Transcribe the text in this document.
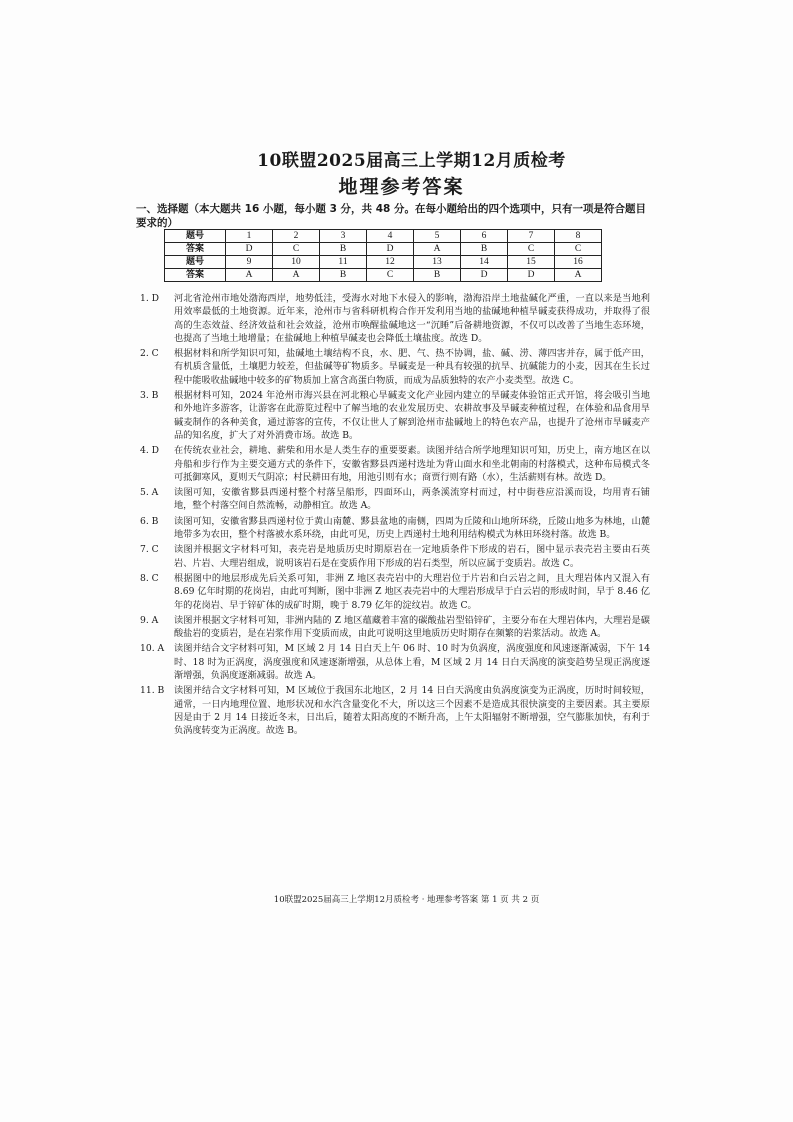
10联盟2025届高三上学期12月质检考
地理参考答案
一、选择题（本大题共 16 小题，每小题 3 分，共 48 分。在每小题给出的四个选项中，只有一项是符合题目要求的）
题号	1	2	3	4	5	6	7	8
答案	D	C	B	D	A	B	C	C
题号	9	10	11	12	13	14	15	16
答案	A	A	B	C	B	D	D	A
1. D	河北省沧州市地处渤海西岸，地势低洼，受海水对地下水侵入的影响，渤海沿岸土地盐碱化严重，一直以来是当地利用效率最低的土地资源。近年来，沧州市与省科研机构合作开发利用当地的盐碱地种植旱碱麦获得成功，并取得了很高的生态效益、经济效益和社会效益，沧州市唤醒盐碱地这一“沉睡”后备耕地资源，不仅可以改善了当地生态环境，也提高了当地土地增量；在盐碱地上种植旱碱麦也会降低土壤盐度。故选 D。
2. C	根据材料和所学知识可知，盐碱地土壤结构不良，水、肥、气、热不协调，盐、碱、涝、薄四害并存，属于低产田，有机质含量低，土壤肥力较差，但盐碱等矿物质多。旱碱麦是一种具有较强的抗旱、抗碱能力的小麦，因其在生长过程中能吸收盐碱地中较多的矿物质加上富含高蛋白物质，而成为品质独特的农产小麦类型。故选 C。
3. B	根据材料可知，2024 年沧州市海兴县在河北粮心旱碱麦文化产业园内建立的旱碱麦体验馆正式开馆，将会吸引当地和外地许多游客，让游客在此游览过程中了解当地的农业发展历史、农耕故事及旱碱麦种植过程，在体验和品食用旱碱麦制作的各种美食，通过游客的宣传，不仅让世人了解到沧州市盐碱地上的特色农产品，也提升了沧州市旱碱麦产品的知名度，扩大了对外消费市场。故选 B。
4. D	在传统农业社会，耕地、薪柴和用水是人类生存的重要要素。读图并结合所学地理知识可知，历史上，南方地区在以舟船和步行作为主要交通方式的条件下，安徽省黟县西递村选址为背山面水和坐北朝南的村落模式，这种布局模式冬可抵御寒风，夏则天气阴凉；村民耕田有地，用池引则有水；商贾行则有路（水），生活薪则有林。故选 D。
5. A	读图可知，安徽省黟县西递村整个村落呈船形，四面环山，两条溪流穿村而过，村中街巷应沿溪而设，均用青石铺地，整个村落空间自然流畅，动静相宜。故选 A。
6. B	读图可知，安徽省黟县西递村位于黄山南麓、黟县盆地的南侧，四周为丘陵和山地所环绕，丘陵山地多为林地，山麓地带多为农田，整个村落被水系环绕，由此可见，历史上西递村土地利用结构模式为林田环绕村落。故选 B。
7. C	读图并根据文字材料可知，表壳岩是地质历史时期原岩在一定地质条件下形成的岩石，图中显示表壳岩主要由石英岩、片岩、大理岩组成，说明该岩石是在变质作用下形成的岩石类型，所以应属于变质岩。故选 C。
8. C	根据图中的地层形成先后关系可知，非洲 Z 地区表壳岩中的大理岩位于片岩和白云岩之间，且大理岩体内又混入有 8.69 亿年时期的花岗岩，由此可判断，图中非洲 Z 地区表壳岩中的大理岩形成早于白云岩的形成时间，早于 8.46 亿年的花岗岩、早于锌矿体的成矿时期，晚于 8.79 亿年的淀纹岩。故选 C。
9. A	读图并根据文字材料可知，非洲内陆的 Z 地区蕴藏着丰富的碳酸盐岩型铅锌矿，主要分布在大理岩体内，大理岩是碳酸盐岩的变质岩，是在岩浆作用下变质而成，由此可说明这里地质历史时期存在频繁的岩浆活动。故选 A。
10. A	读图并结合文字材料可知，M 区域 2 月 14 日白天上午 06 时、10 时为负涡度，涡度强度和风速逐渐减弱，下午 14 时、18 时为正涡度，涡度强度和风速逐渐增强，从总体上看，M 区域 2 月 14 日白天涡度的演变趋势呈现正涡度逐渐增强，负涡度逐渐减弱。故选 A。
11. B	读图并结合文字材料可知，M 区域位于我国东北地区，2 月 14 日白天涡度由负涡度演变为正涡度，历时时间较短，通常，一日内地理位置、地形状况和水汽含量变化不大，所以这三个因素不是造成其很快演变的主要因素。其主要原因是由于 2 月 14 日接近冬末，日出后，随着太阳高度的不断升高，上午太阳辐射不断增强，空气膨胀加快，有利于负涡度转变为正涡度。故选 B。
10联盟2025届高三上学期12月质检考 · 地理参考答案 第 1 页 共 2 页
